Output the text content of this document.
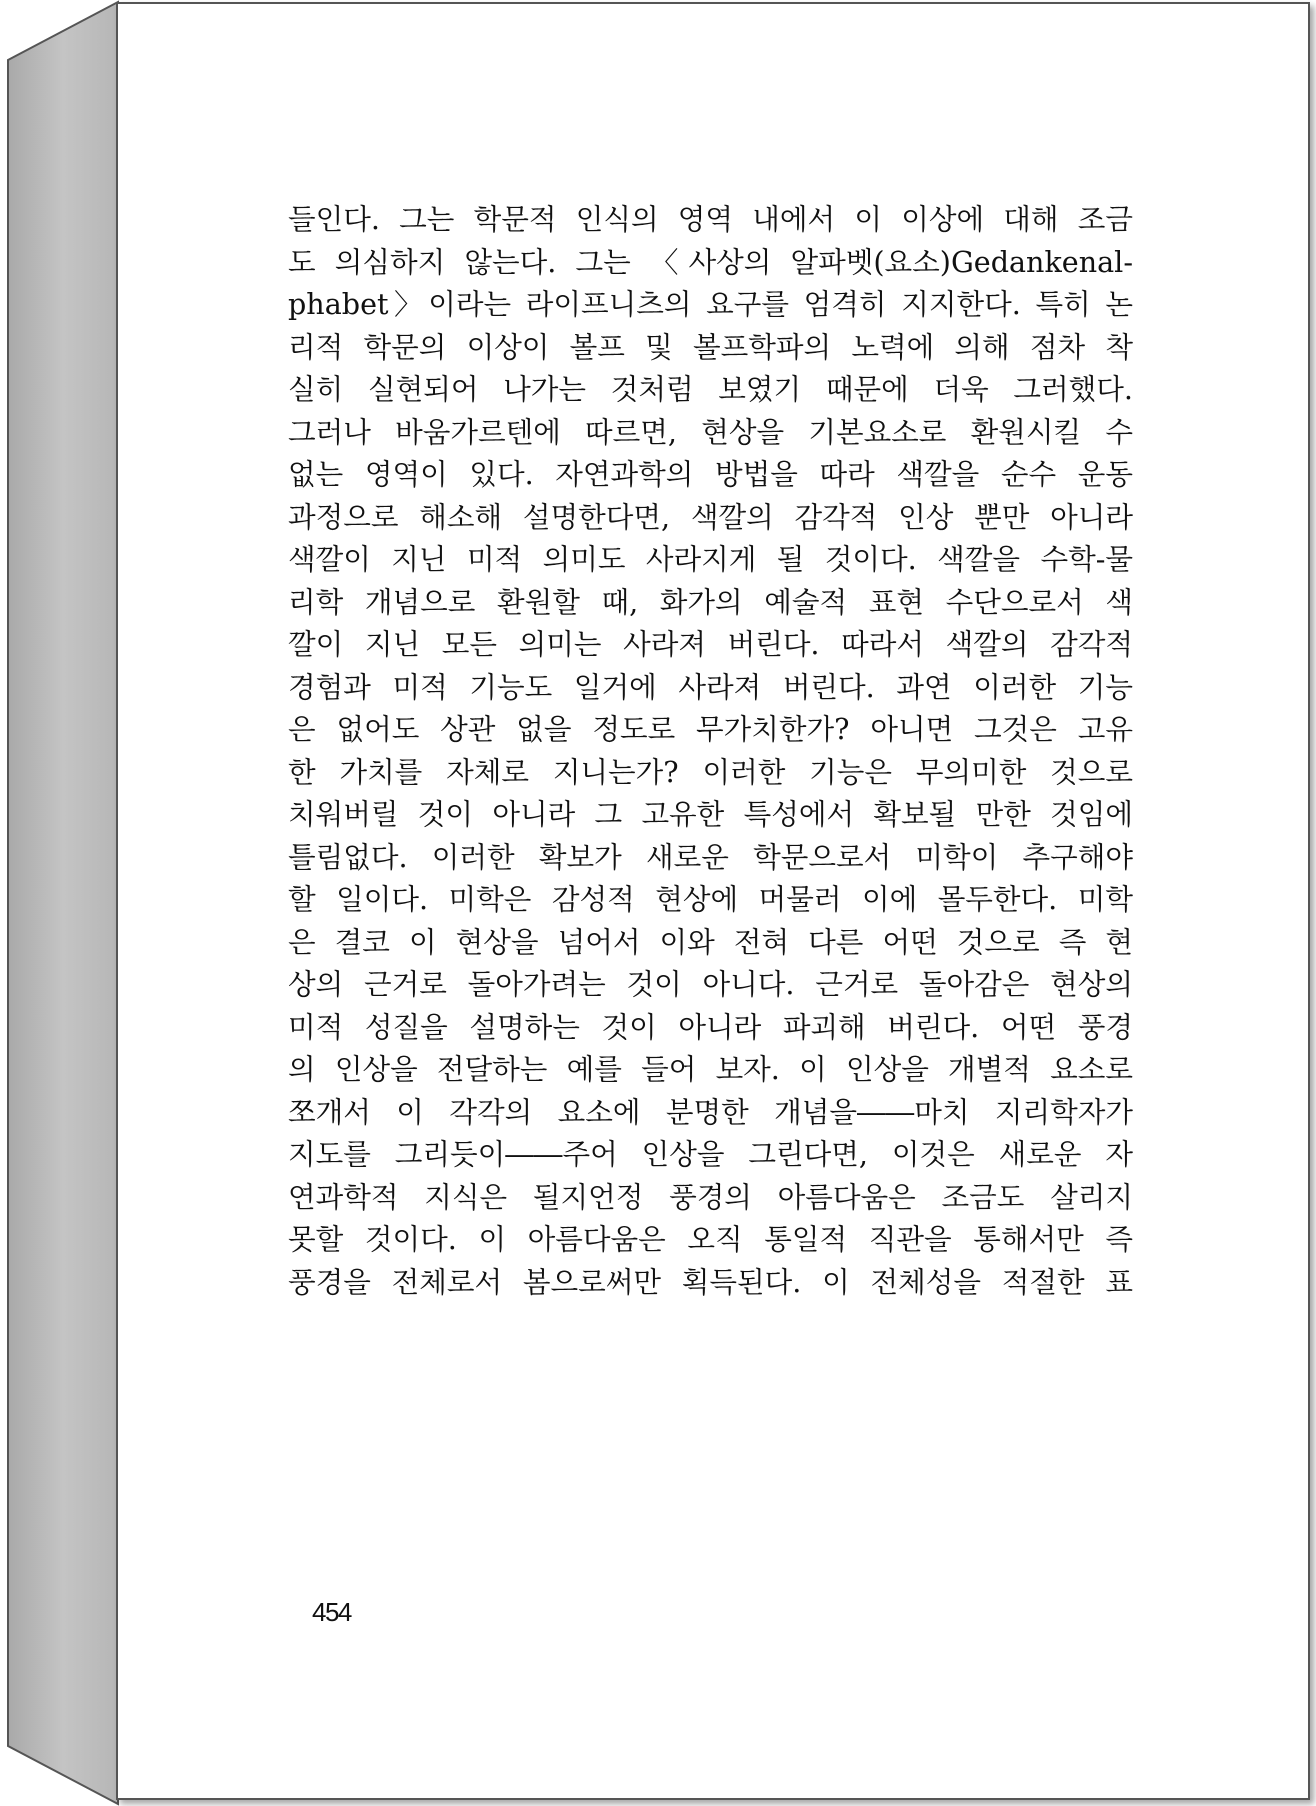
들인다. 그는 학문적 인식의 영역 내에서 이 이상에 대해 조금
도 의심하지 않는다. 그는 〈사상의 알파벳(요소)Gedankenal-
phabet〉이라는 라이프니츠의 요구를 엄격히 지지한다. 특히 논
리적 학문의 이상이 볼프 및 볼프학파의 노력에 의해 점차 착
실히 실현되어 나가는 것처럼 보였기 때문에 더욱 그러했다.
그러나 바움가르텐에 따르면, 현상을 기본요소로 환원시킬 수
없는 영역이 있다. 자연과학의 방법을 따라 색깔을 순수 운동
과정으로 해소해 설명한다면, 색깔의 감각적 인상 뿐만 아니라
색깔이 지닌 미적 의미도 사라지게 될 것이다. 색깔을 수학-물
리학 개념으로 환원할 때, 화가의 예술적 표현 수단으로서 색
깔이 지닌 모든 의미는 사라져 버린다. 따라서 색깔의 감각적
경험과 미적 기능도 일거에 사라져 버린다. 과연 이러한 기능
은 없어도 상관 없을 정도로 무가치한가? 아니면 그것은 고유
한 가치를 자체로 지니는가? 이러한 기능은 무의미한 것으로
치워버릴 것이 아니라 그 고유한 특성에서 확보될 만한 것임에
틀림없다. 이러한 확보가 새로운 학문으로서 미학이 추구해야
할 일이다. 미학은 감성적 현상에 머물러 이에 몰두한다. 미학
은 결코 이 현상을 넘어서 이와 전혀 다른 어떤 것으로 즉 현
상의 근거로 돌아가려는 것이 아니다. 근거로 돌아감은 현상의
미적 성질을 설명하는 것이 아니라 파괴해 버린다. 어떤 풍경
의 인상을 전달하는 예를 들어 보자. 이 인상을 개별적 요소로
쪼개서 이 각각의 요소에 분명한 개념을――마치 지리학자가
지도를 그리듯이――주어 인상을 그린다면, 이것은 새로운 자
연과학적 지식은 될지언정 풍경의 아름다움은 조금도 살리지
못할 것이다. 이 아름다움은 오직 통일적 직관을 통해서만 즉
풍경을 전체로서 봄으로써만 획득된다. 이 전체성을 적절한 표
454
